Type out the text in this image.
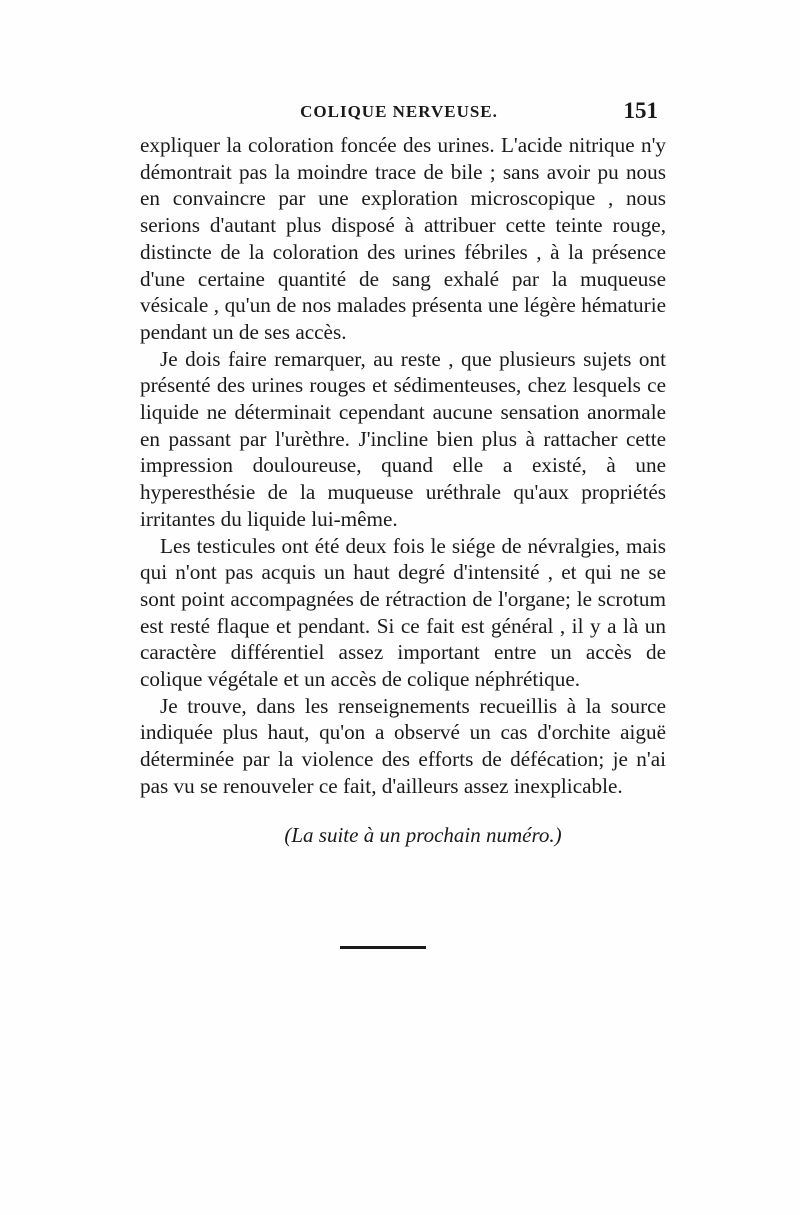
COLIQUE NERVEUSE.	151

expliquer la coloration foncée des urines. L'acide nitrique n'y démontrait pas la moindre trace de bile ; sans avoir pu nous en convaincre par une exploration microscopique , nous serions d'autant plus disposé à attribuer cette teinte rouge, distincte de la coloration des urines fébriles , à la présence d'une certaine quantité de sang exhalé par la muqueuse vésicale , qu'un de nos malades présenta une légère hématurie pendant un de ses accès.

Je dois faire remarquer, au reste , que plusieurs sujets ont présenté des urines rouges et sédimenteuses, chez lesquels ce liquide ne déterminait cependant aucune sensation anormale en passant par l'urèthre. J'incline bien plus à rattacher cette impression douloureuse, quand elle a existé, à une hyperesthésie de la muqueuse uréthrale qu'aux propriétés irritantes du liquide lui-même.

Les testicules ont été deux fois le siége de névralgies, mais qui n'ont pas acquis un haut degré d'intensité , et qui ne se sont point accompagnées de rétraction de l'organe; le scrotum est resté flaque et pendant. Si ce fait est général , il y a là un caractère différentiel assez important entre un accès de colique végétale et un accès de colique néphrétique.

Je trouve, dans les renseignements recueillis à la source indiquée plus haut, qu'on a observé un cas d'orchite aiguë déterminée par la violence des efforts de défécation; je n'ai pas vu se renouveler ce fait, d'ailleurs assez inexplicable.

(La suite à un prochain numéro.)
